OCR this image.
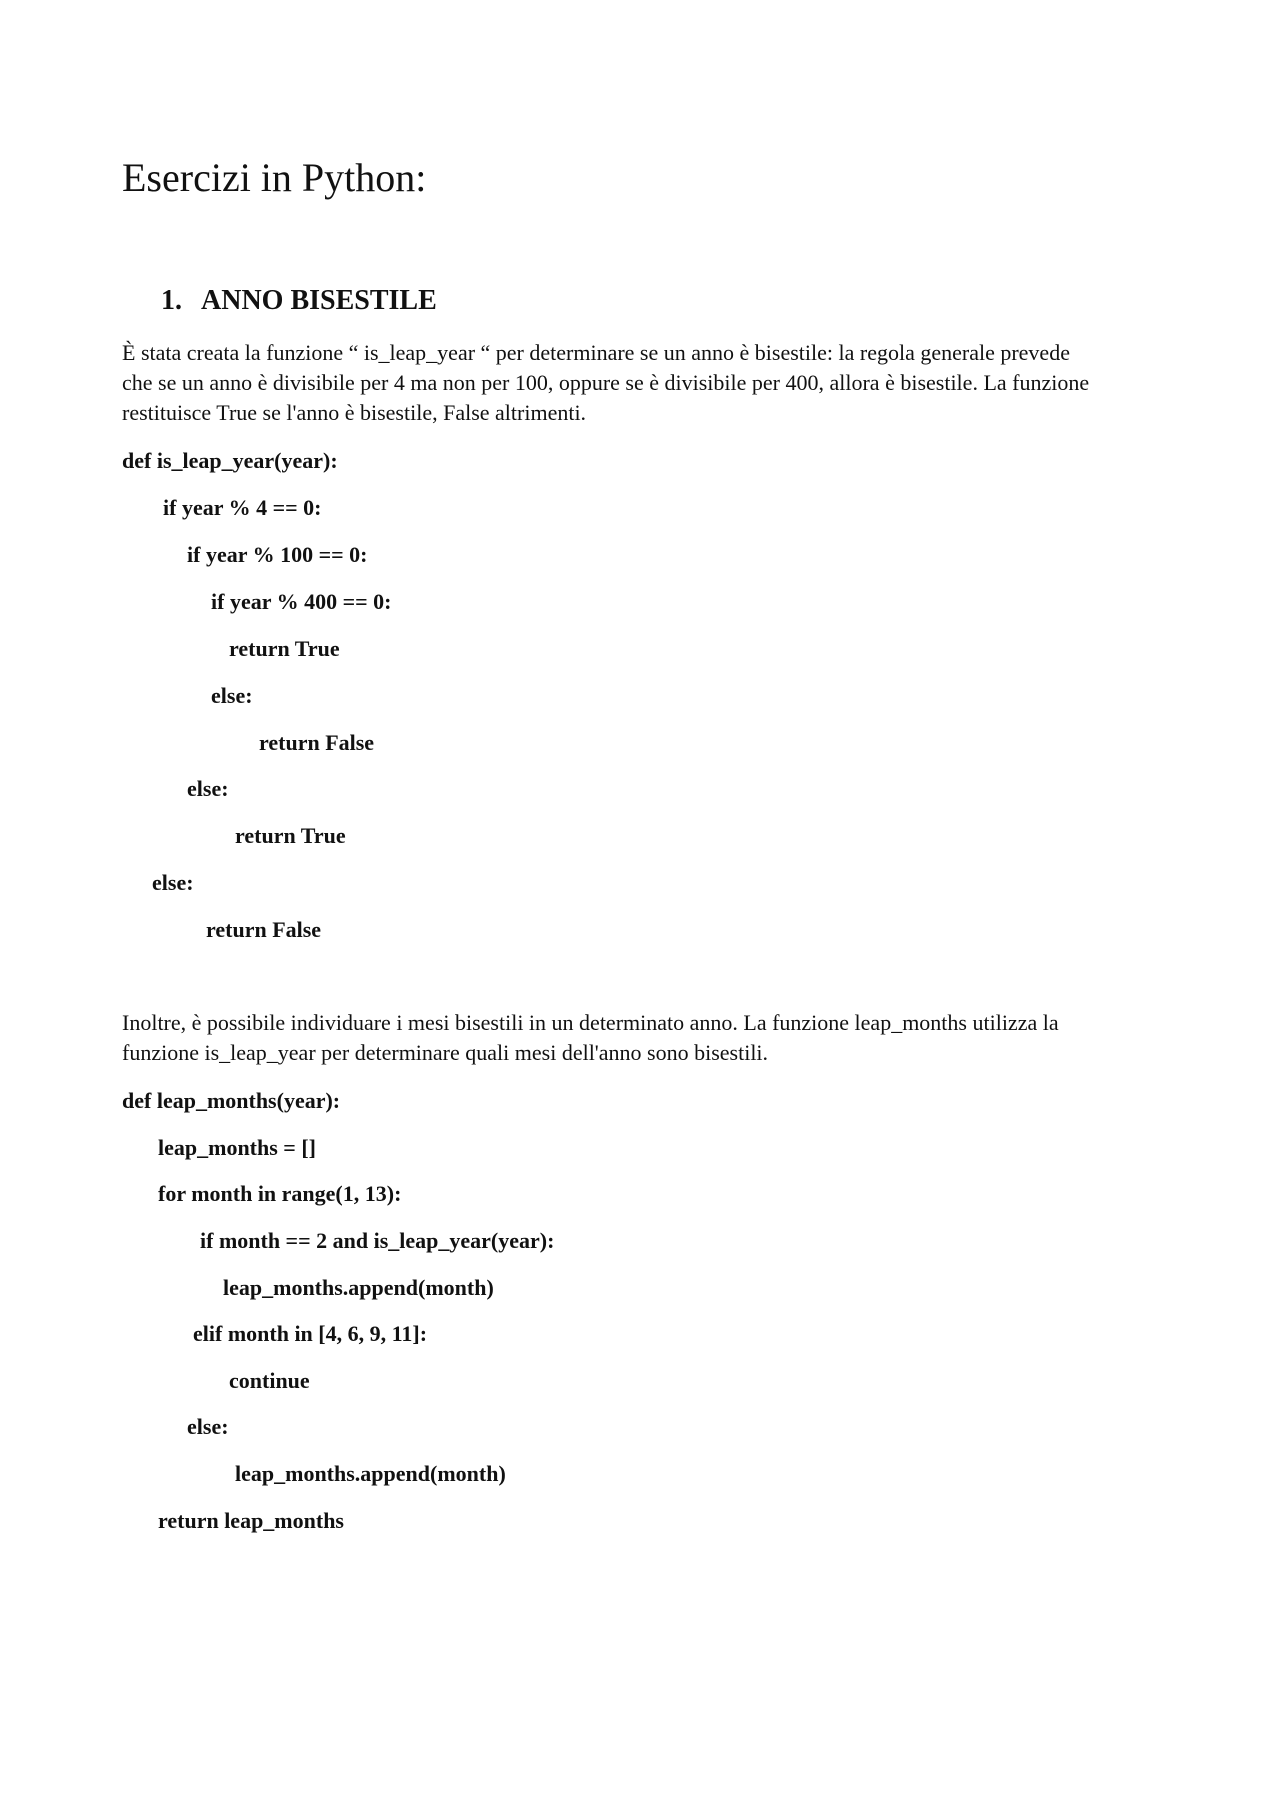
Esercizi in Python:
1. ANNO BISESTILE

È stata creata la funzione “ is_leap_year “ per determinare se un anno è bisestile: la regola generale prevede

che se un anno è divisibile per 4 ma non per 100, oppure se è divisibile per 400, allora è bisestile. La funzione

restituisce True se l'anno è bisestile, False altrimenti.

def is_leap_year(year):

if year % 4 == 0:

if year % 100 == 0:

if year % 400 == 0:

return True

else:

return False

else:

return True

else:

return False

Inoltre, è possibile individuare i mesi bisestili in un determinato anno. La funzione leap_months utilizza la

funzione is_leap_year per determinare quali mesi dell'anno sono bisestili.

def leap_months(year):

leap_months = []

for month in range(1, 13):

if month == 2 and is_leap_year(year):

leap_months.append(month)

elif month in [4, 6, 9, 11]:

continue

else:

leap_months.append(month)

return leap_months
